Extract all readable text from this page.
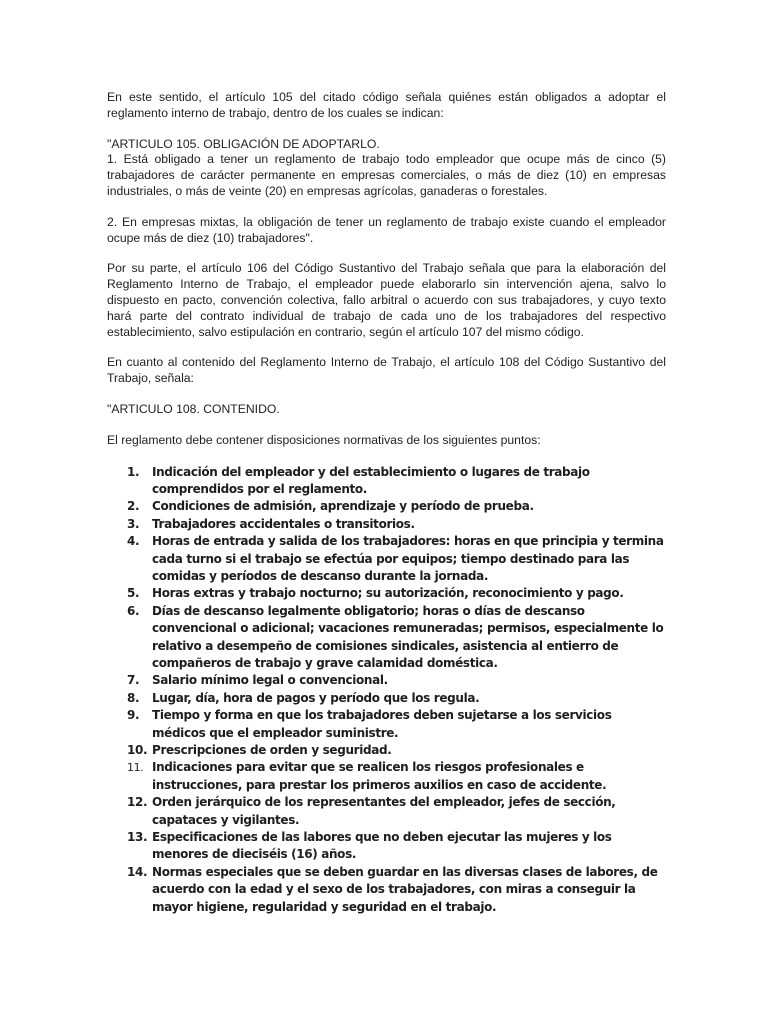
En este sentido, el artículo 105 del citado código señala quiénes están obligados a adoptar el reglamento interno de trabajo, dentro de los cuales se indican:

"ARTICULO 105. OBLIGACIÓN DE ADOPTARLO.
1. Está obligado a tener un reglamento de trabajo todo empleador que ocupe más de cinco (5) trabajadores de carácter permanente en empresas comerciales, o más de diez (10) en empresas industriales, o más de veinte (20) en empresas agrícolas, ganaderas o forestales.

2. En empresas mixtas, la obligación de tener un reglamento de trabajo existe cuando el empleador ocupe más de diez (10) trabajadores".

Por su parte, el artículo 106 del Código Sustantivo del Trabajo señala que para la elaboración del Reglamento Interno de Trabajo, el empleador puede elaborarlo sin intervención ajena, salvo lo dispuesto en pacto, convención colectiva, fallo arbitral o acuerdo con sus trabajadores, y cuyo texto hará parte del contrato individual de trabajo de cada uno de los trabajadores del respectivo establecimiento, salvo estipulación en contrario, según el artículo 107 del mismo código.

En cuanto al contenido del Reglamento Interno de Trabajo, el artículo 108 del Código Sustantivo del Trabajo, señala:

"ARTICULO 108. CONTENIDO.

El reglamento debe contener disposiciones normativas de los siguientes puntos:

1.	Indicación del empleador y del establecimiento o lugares de trabajo comprendidos por el reglamento.
2.	Condiciones de admisión, aprendizaje y período de prueba.
3.	Trabajadores accidentales o transitorios.
4.	Horas de entrada y salida de los trabajadores: horas en que principia y termina cada turno si el trabajo se efectúa por equipos; tiempo destinado para las comidas y períodos de descanso durante la jornada.
5.	Horas extras y trabajo nocturno; su autorización, reconocimiento y pago.
6.	Días de descanso legalmente obligatorio; horas o días de descanso convencional o adicional; vacaciones remuneradas; permisos, especialmente lo relativo a desempeño de comisiones sindicales, asistencia al entierro de compañeros de trabajo y grave calamidad doméstica.
7.	Salario mínimo legal o convencional.
8.	Lugar, día, hora de pagos y período que los regula.
9.	Tiempo y forma en que los trabajadores deben sujetarse a los servicios médicos que el empleador suministre.
10. Prescripciones de orden y seguridad.
11. Indicaciones para evitar que se realicen los riesgos profesionales e instrucciones, para prestar los primeros auxilios en caso de accidente.
12. Orden jerárquico de los representantes del empleador, jefes de sección, capataces y vigilantes.
13. Especificaciones de las labores que no deben ejecutar las mujeres y los menores de dieciséis (16) años.
14. Normas especiales que se deben guardar en las diversas clases de labores, de acuerdo con la edad y el sexo de los trabajadores, con miras a conseguir la mayor higiene, regularidad y seguridad en el trabajo.
